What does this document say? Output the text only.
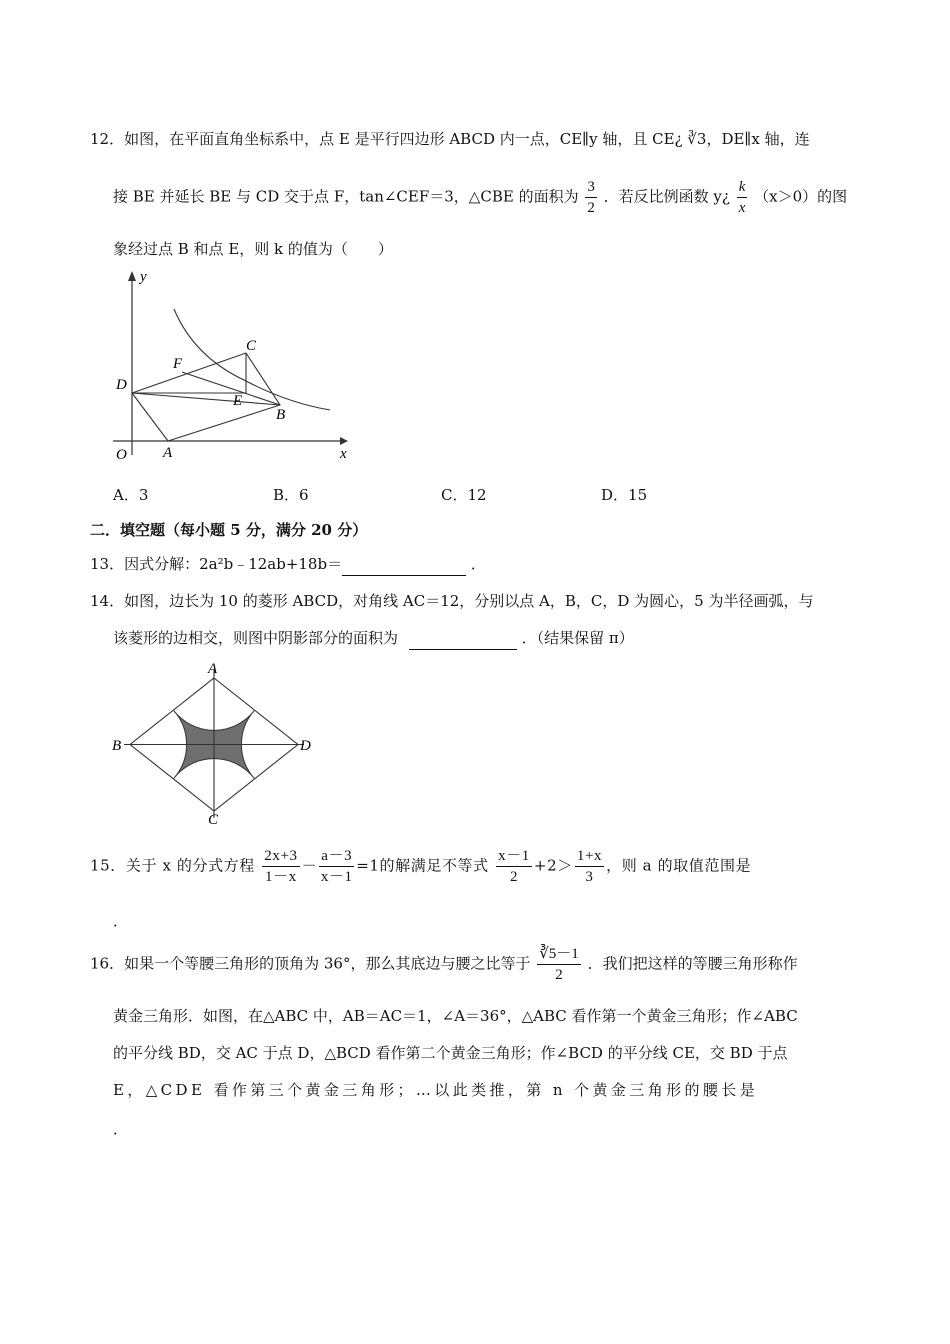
12．如图，在平面直角坐标系中，点 E 是平行四边形 ABCD 内一点，CE∥y 轴，且 CE¿ ∛3，DE∥x 轴，连
接 BE 并延长 BE 与 CD 交于点 F，tan∠CEF＝3，△CBE 的面积为 $\frac{3}{2}$ ．若反比例函数 y¿ $\frac{k}{x} (x>0)$的图
象经过点 B 和点 E，则 k 的值为（　　）
y
x
O A
B
C
D
E
F
A．3	B．6	C．12	D．15
二．填空题（每小题 5 分，满分 20 分）
13．因式分解：2a²b﹣12ab+18b＝	．
14．如图，边长为 10 的菱形 ABCD，对角线 AC＝12，分别以点 A，B，C，D 为圆心，5 为半径画弧，与
该菱形的边相交，则图中阴影部分的面积为	．（结果保留 π）
A
B
C
D
15．关于 x 的分式方程 $\frac{2x+3}{1-x} - \frac{a-3}{x-1} =1$的解满足不等式 $\frac{x-1}{2} +2> \frac{1+x}{3}$ ，则 a 的取值范围是
．
16．如果一个等腰三角形的顶角为 36°，那么其底边与腰之比等于 $\frac{∛5-1}{2}$ ．我们把这样的等腰三角形称作
黄金三角形．如图，在△ABC 中，AB＝AC＝1，∠A＝36°，△ABC 看作第一个黄金三角形；作∠ABC
的平分线 BD，交 AC 于点 D，△BCD 看作第二个黄金三角形；作∠BCD 的平分线 CE，交 BD 于点
E，△CDE 看作第三个黄金三角形；…以此类推，第 n 个黄金三角形的腰长是
．
